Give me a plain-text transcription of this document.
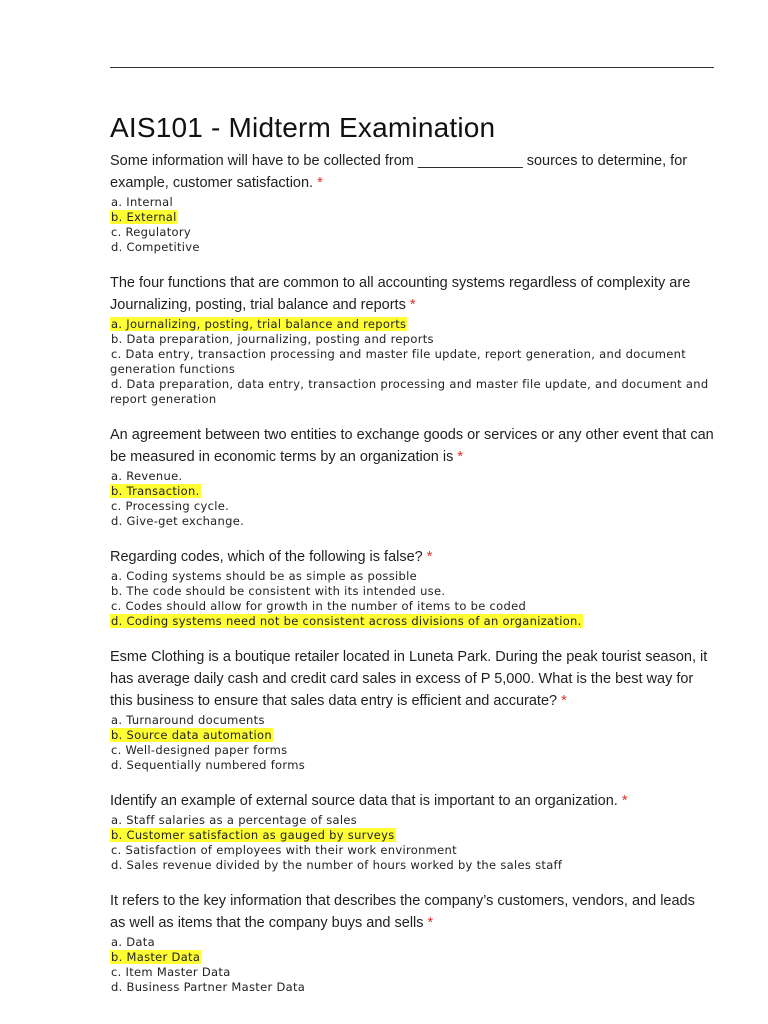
AIS101 - Midterm Examination

Some information will have to be collected from _____________ sources to determine, for example, customer satisfaction. *

a. Internal
b. External
c. Regulatory
d. Competitive

The four functions that are common to all accounting systems regardless of complexity are Journalizing, posting, trial balance and reports *

a. Journalizing, posting, trial balance and reports
b. Data preparation, journalizing, posting and reports
c. Data entry, transaction processing and master file update, report generation, and document generation functions
d. Data preparation, data entry, transaction processing and master file update, and document and report generation

An agreement between two entities to exchange goods or services or any other event that can be measured in economic terms by an organization is *

a. Revenue.
b. Transaction.
c. Processing cycle.
d. Give-get exchange.

Regarding codes, which of the following is false? *

a. Coding systems should be as simple as possible
b. The code should be consistent with its intended use.
c. Codes should allow for growth in the number of items to be coded
d. Coding systems need not be consistent across divisions of an organization.

Esme Clothing is a boutique retailer located in Luneta Park. During the peak tourist season, it has average daily cash and credit card sales in excess of P 5,000. What is the best way for this business to ensure that sales data entry is efficient and accurate? *

a. Turnaround documents
b. Source data automation
c. Well-designed paper forms
d. Sequentially numbered forms

Identify an example of external source data that is important to an organization. *

a. Staff salaries as a percentage of sales
b. Customer satisfaction as gauged by surveys
c. Satisfaction of employees with their work environment
d. Sales revenue divided by the number of hours worked by the sales staff

It refers to the key information that describes the company’s customers, vendors, and leads as well as items that the company buys and sells *

a. Data
b. Master Data
c. Item Master Data
d. Business Partner Master Data
